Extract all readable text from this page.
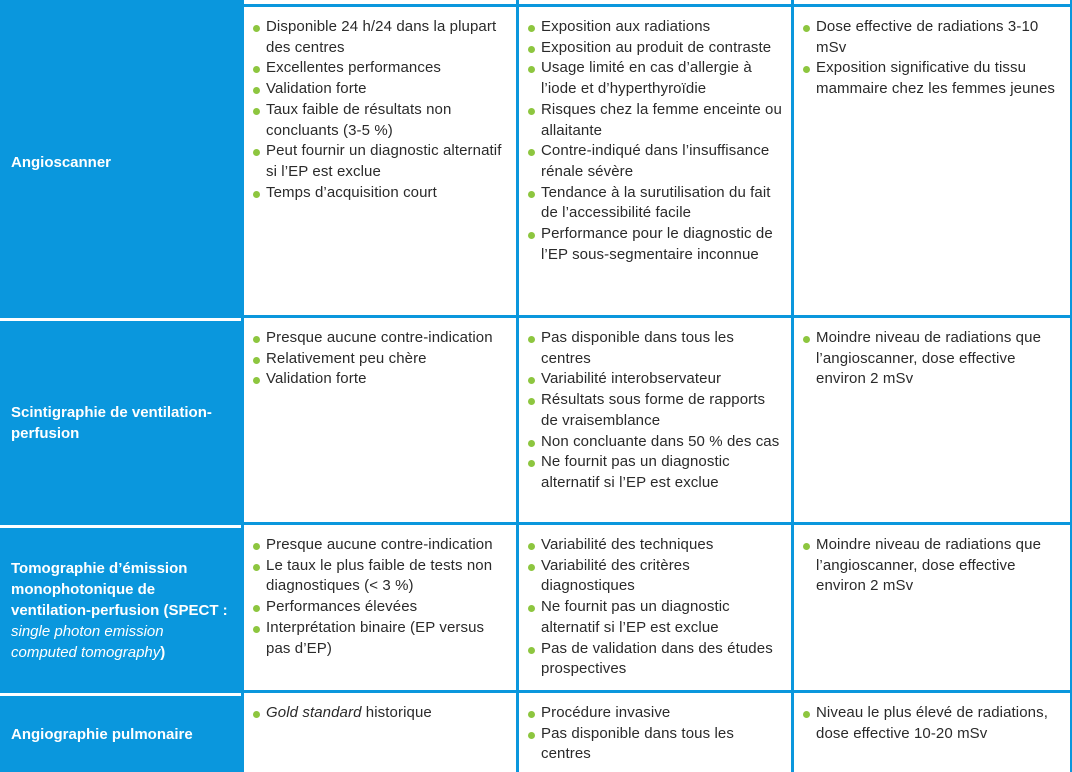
Angioscanner
Disponible 24 h/24 dans la plupart des centres
Excellentes performances
Validation forte
Taux faible de résultats non concluants (3-5 %)
Peut fournir un diagnostic alternatif si l’EP est exclue
Temps d’acquisition court
Exposition aux radiations
Exposition au produit de contraste
Usage limité en cas d’allergie à l’iode et d’hyperthyroïdie
Risques chez la femme enceinte ou allaitante
Contre-indiqué dans l’insuffisance rénale sévère
Tendance à la surutilisation du fait de l’accessibilité facile
Performance pour le diagnostic de l’EP sous-segmentaire inconnue
Dose effective de radiations 3-10 mSv
Exposition significative du tissu mammaire chez les femmes jeunes
Scintigraphie de ventilation-perfusion
Presque aucune contre-indication
Relativement peu chère
Validation forte
Pas disponible dans tous les centres
Variabilité interobservateur
Résultats sous forme de rapports de vraisemblance
Non concluante dans 50 % des cas
Ne fournit pas un diagnostic alternatif si l’EP est exclue
Moindre niveau de radiations que l’angioscanner, dose effective environ 2 mSv
Tomographie d’émission monophotonique de ventilation-perfusion (SPECT : single photon emission computed tomography)
Presque aucune contre-indication
Le taux le plus faible de tests non diagnostiques (< 3 %)
Performances élevées
Interprétation binaire (EP versus pas d’EP)
Variabilité des techniques
Variabilité des critères diagnostiques
Ne fournit pas un diagnostic alternatif si l’EP est exclue
Pas de validation dans des études prospectives
Moindre niveau de radiations que l’angioscanner, dose effective environ 2 mSv
Angiographie pulmonaire
Gold standard historique	Procédure invasive
Pas disponible dans tous les centres
Niveau le plus élevé de radiations, dose effective 10-20 mSv
